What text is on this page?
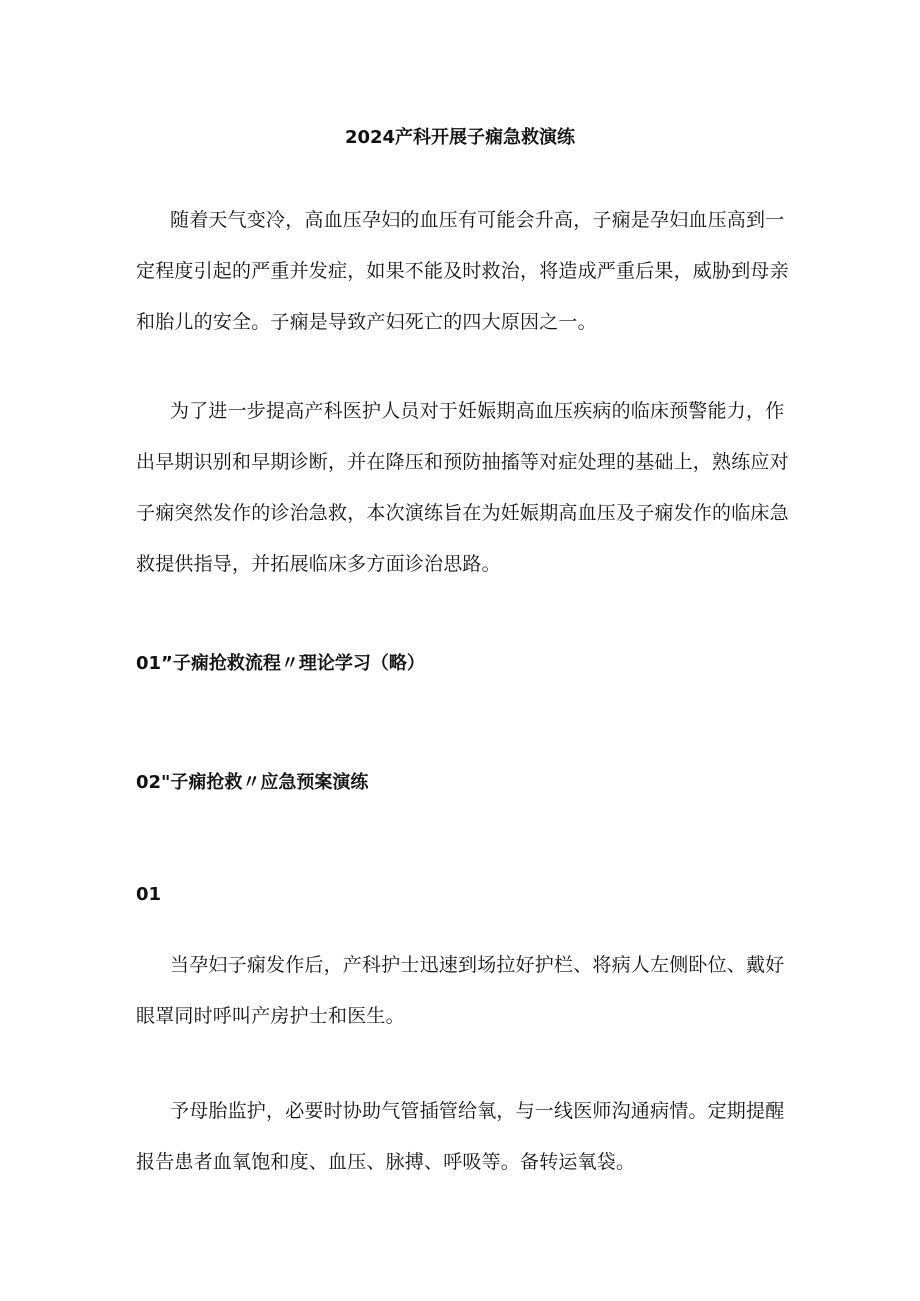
2024产科开展子痫急救演练

随着天气变冷，高血压孕妇的血压有可能会升高，子痫是孕妇血压高到一定程度引起的严重并发症，如果不能及时救治，将造成严重后果，威胁到母亲和胎儿的安全。子痫是导致产妇死亡的四大原因之一。

为了进一步提高产科医护人员对于妊娠期高血压疾病的临床预警能力，作出早期识别和早期诊断，并在降压和预防抽搐等对症处理的基础上，熟练应对子痫突然发作的诊治急救，本次演练旨在为妊娠期高血压及子痫发作的临床急救提供指导，并拓展临床多方面诊治思路。

01”子痫抢救流程〃理论学习（略）
02"子痫抢救〃应急预案演练
01

当孕妇子痫发作后，产科护士迅速到场拉好护栏、将病人左侧卧位、戴好眼罩同时呼叫产房护士和医生。

予母胎监护，必要时协助气管插管给氧，与一线医师沟通病情。定期提醒报告患者血氧饱和度、血压、脉搏、呼吸等。备转运氧袋。
